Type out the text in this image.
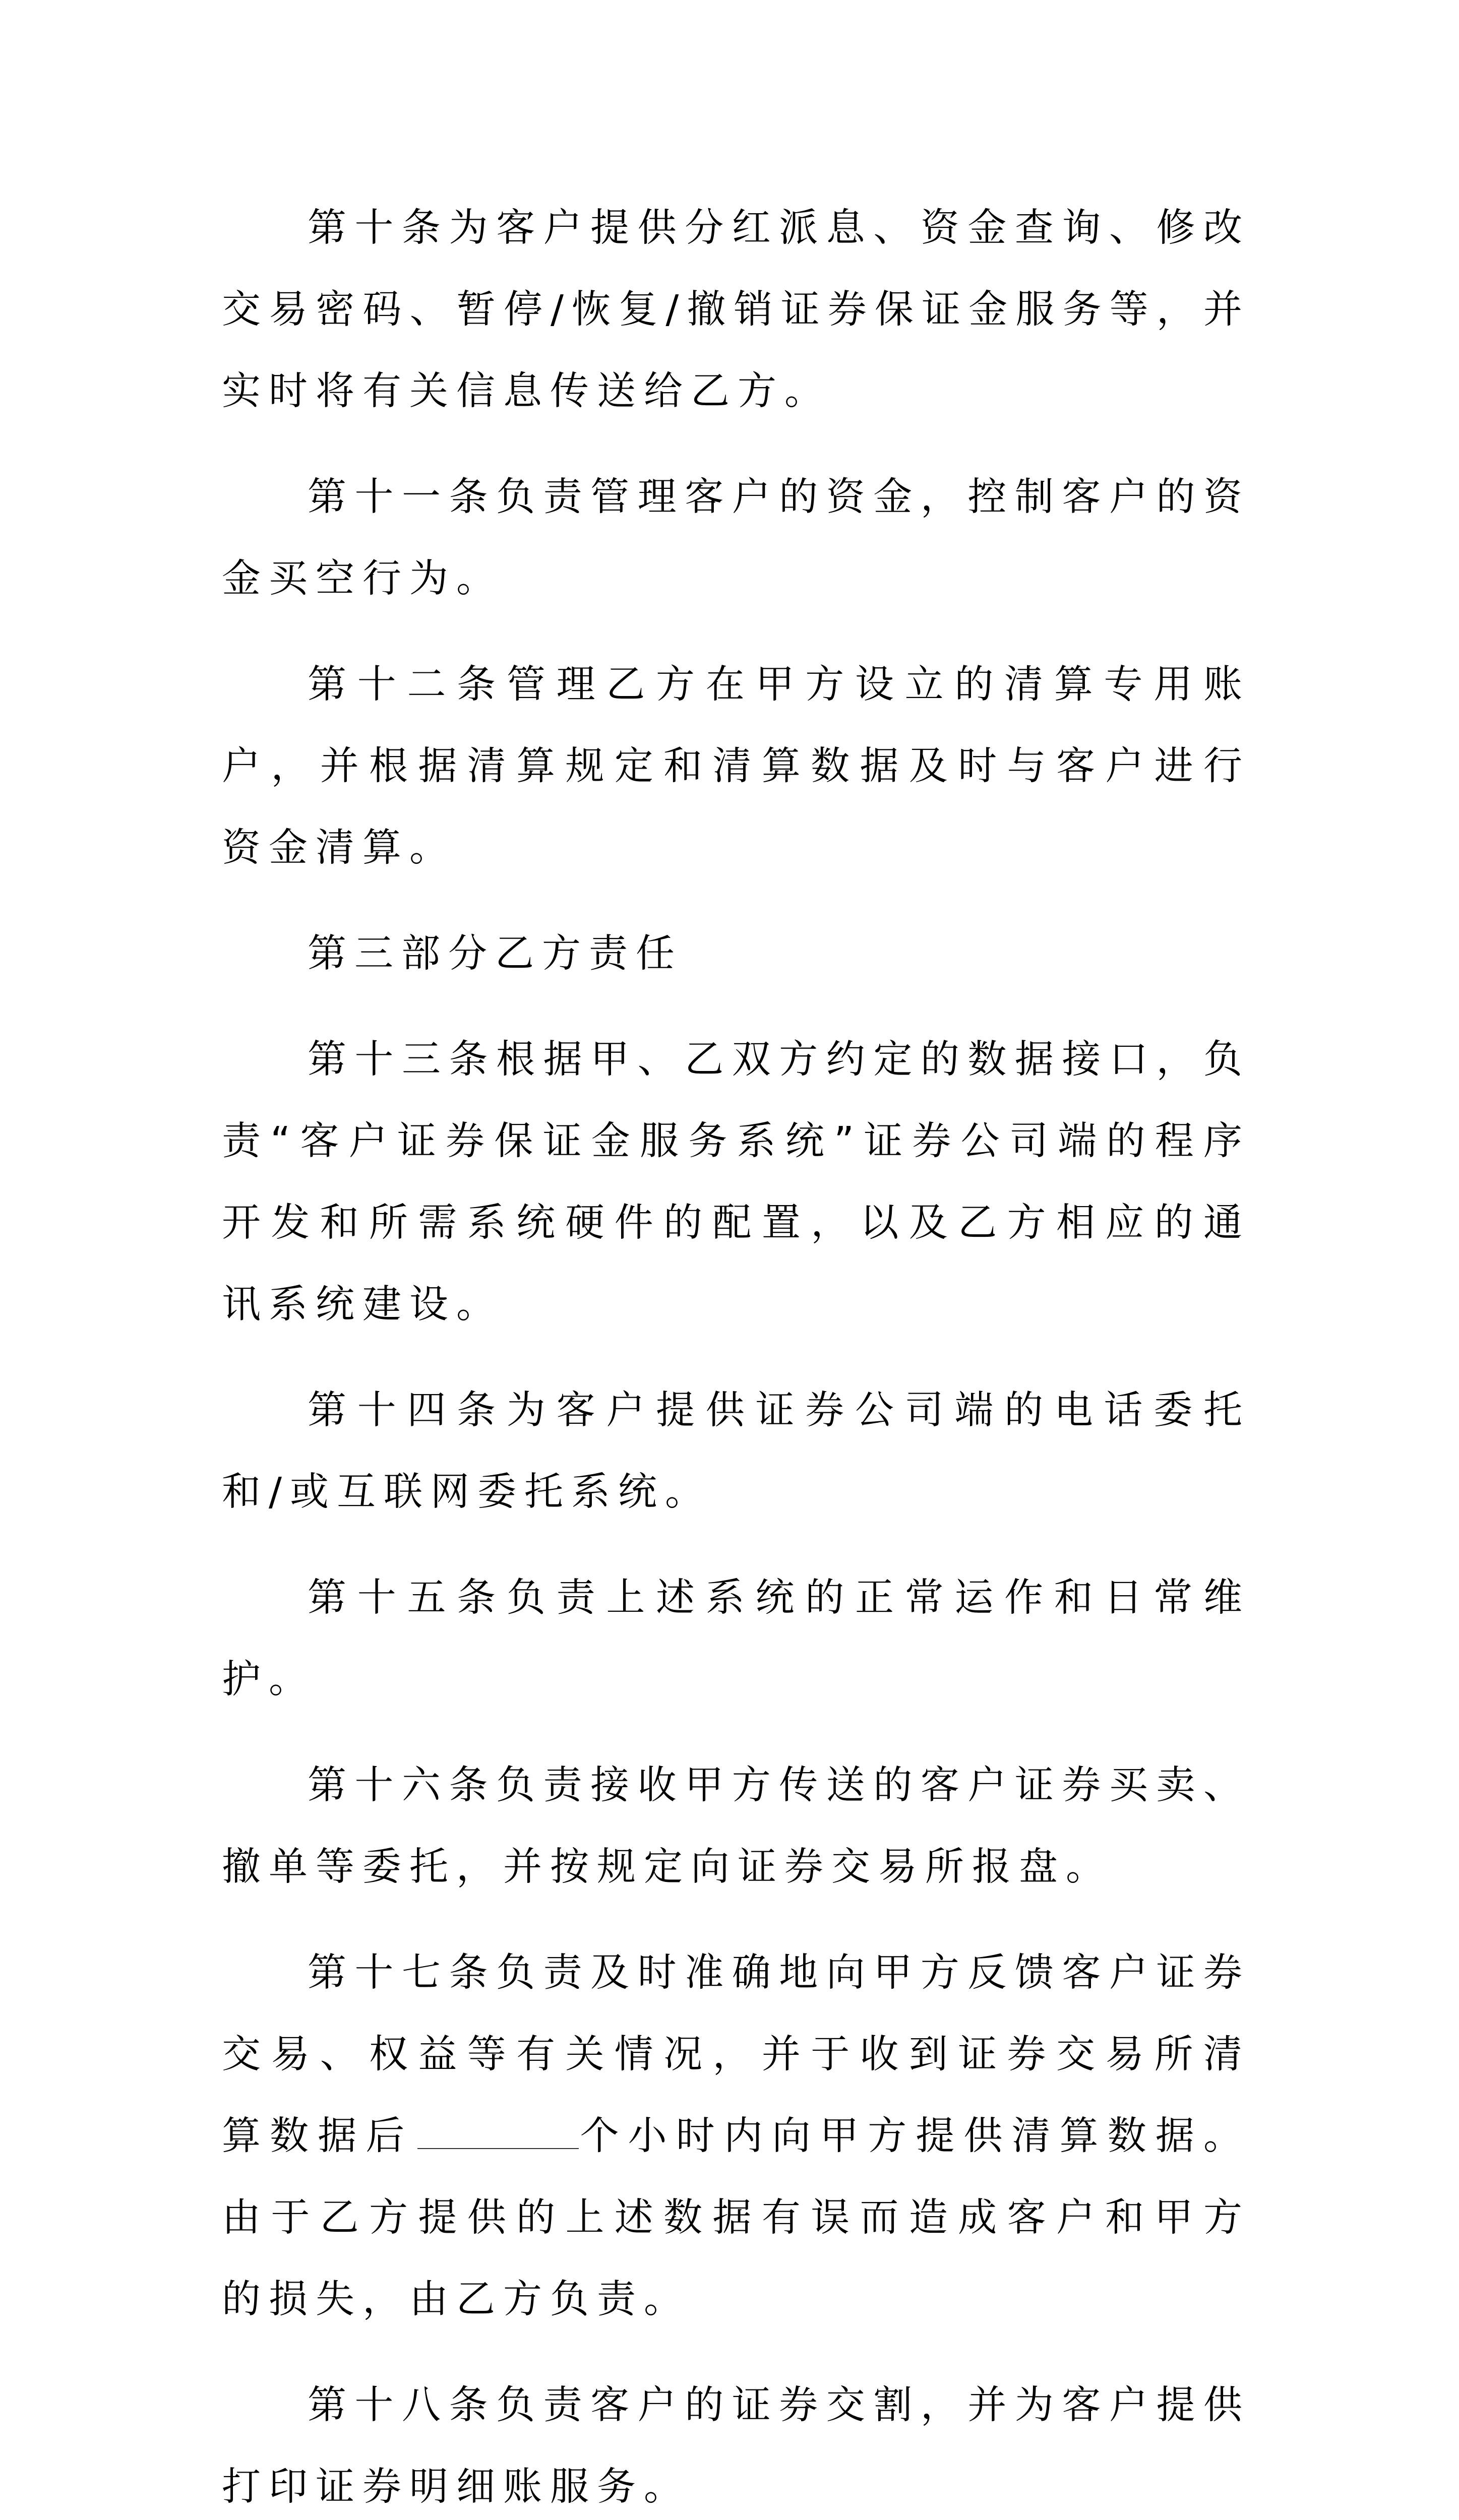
第十条为客户提供分红派息、资金查询、修改交易密码、暂停/恢复/撤销证券保证金服务等，并实时将有关信息传送给乙方。

第十一条负责管理客户的资金，控制客户的资金买空行为。

第十二条管理乙方在甲方设立的清算专用账户，并根据清算规定和清算数据及时与客户进行资金清算。

第三部分乙方责任

第十三条根据甲、乙双方约定的数据接口，负责“客户证券保证金服务系统”证券公司端的程序开发和所需系统硬件的配置，以及乙方相应的通讯系统建设。

第十四条为客户提供证券公司端的电话委托和/或互联网委托系统。

第十五条负责上述系统的正常运作和日常维护。

第十六条负责接收甲方传送的客户证券买卖、撤单等委托，并按规定向证券交易所报盘。

第十七条负责及时准确地向甲方反馈客户证券交易、权益等有关情况，并于收到证券交易所清算数据后	个小时内向甲方提供清算数据。由于乙方提供的上述数据有误而造成客户和甲方的损失，由乙方负责。

第十八条负责客户的证券交割，并为客户提供打印证券明细账服务。
